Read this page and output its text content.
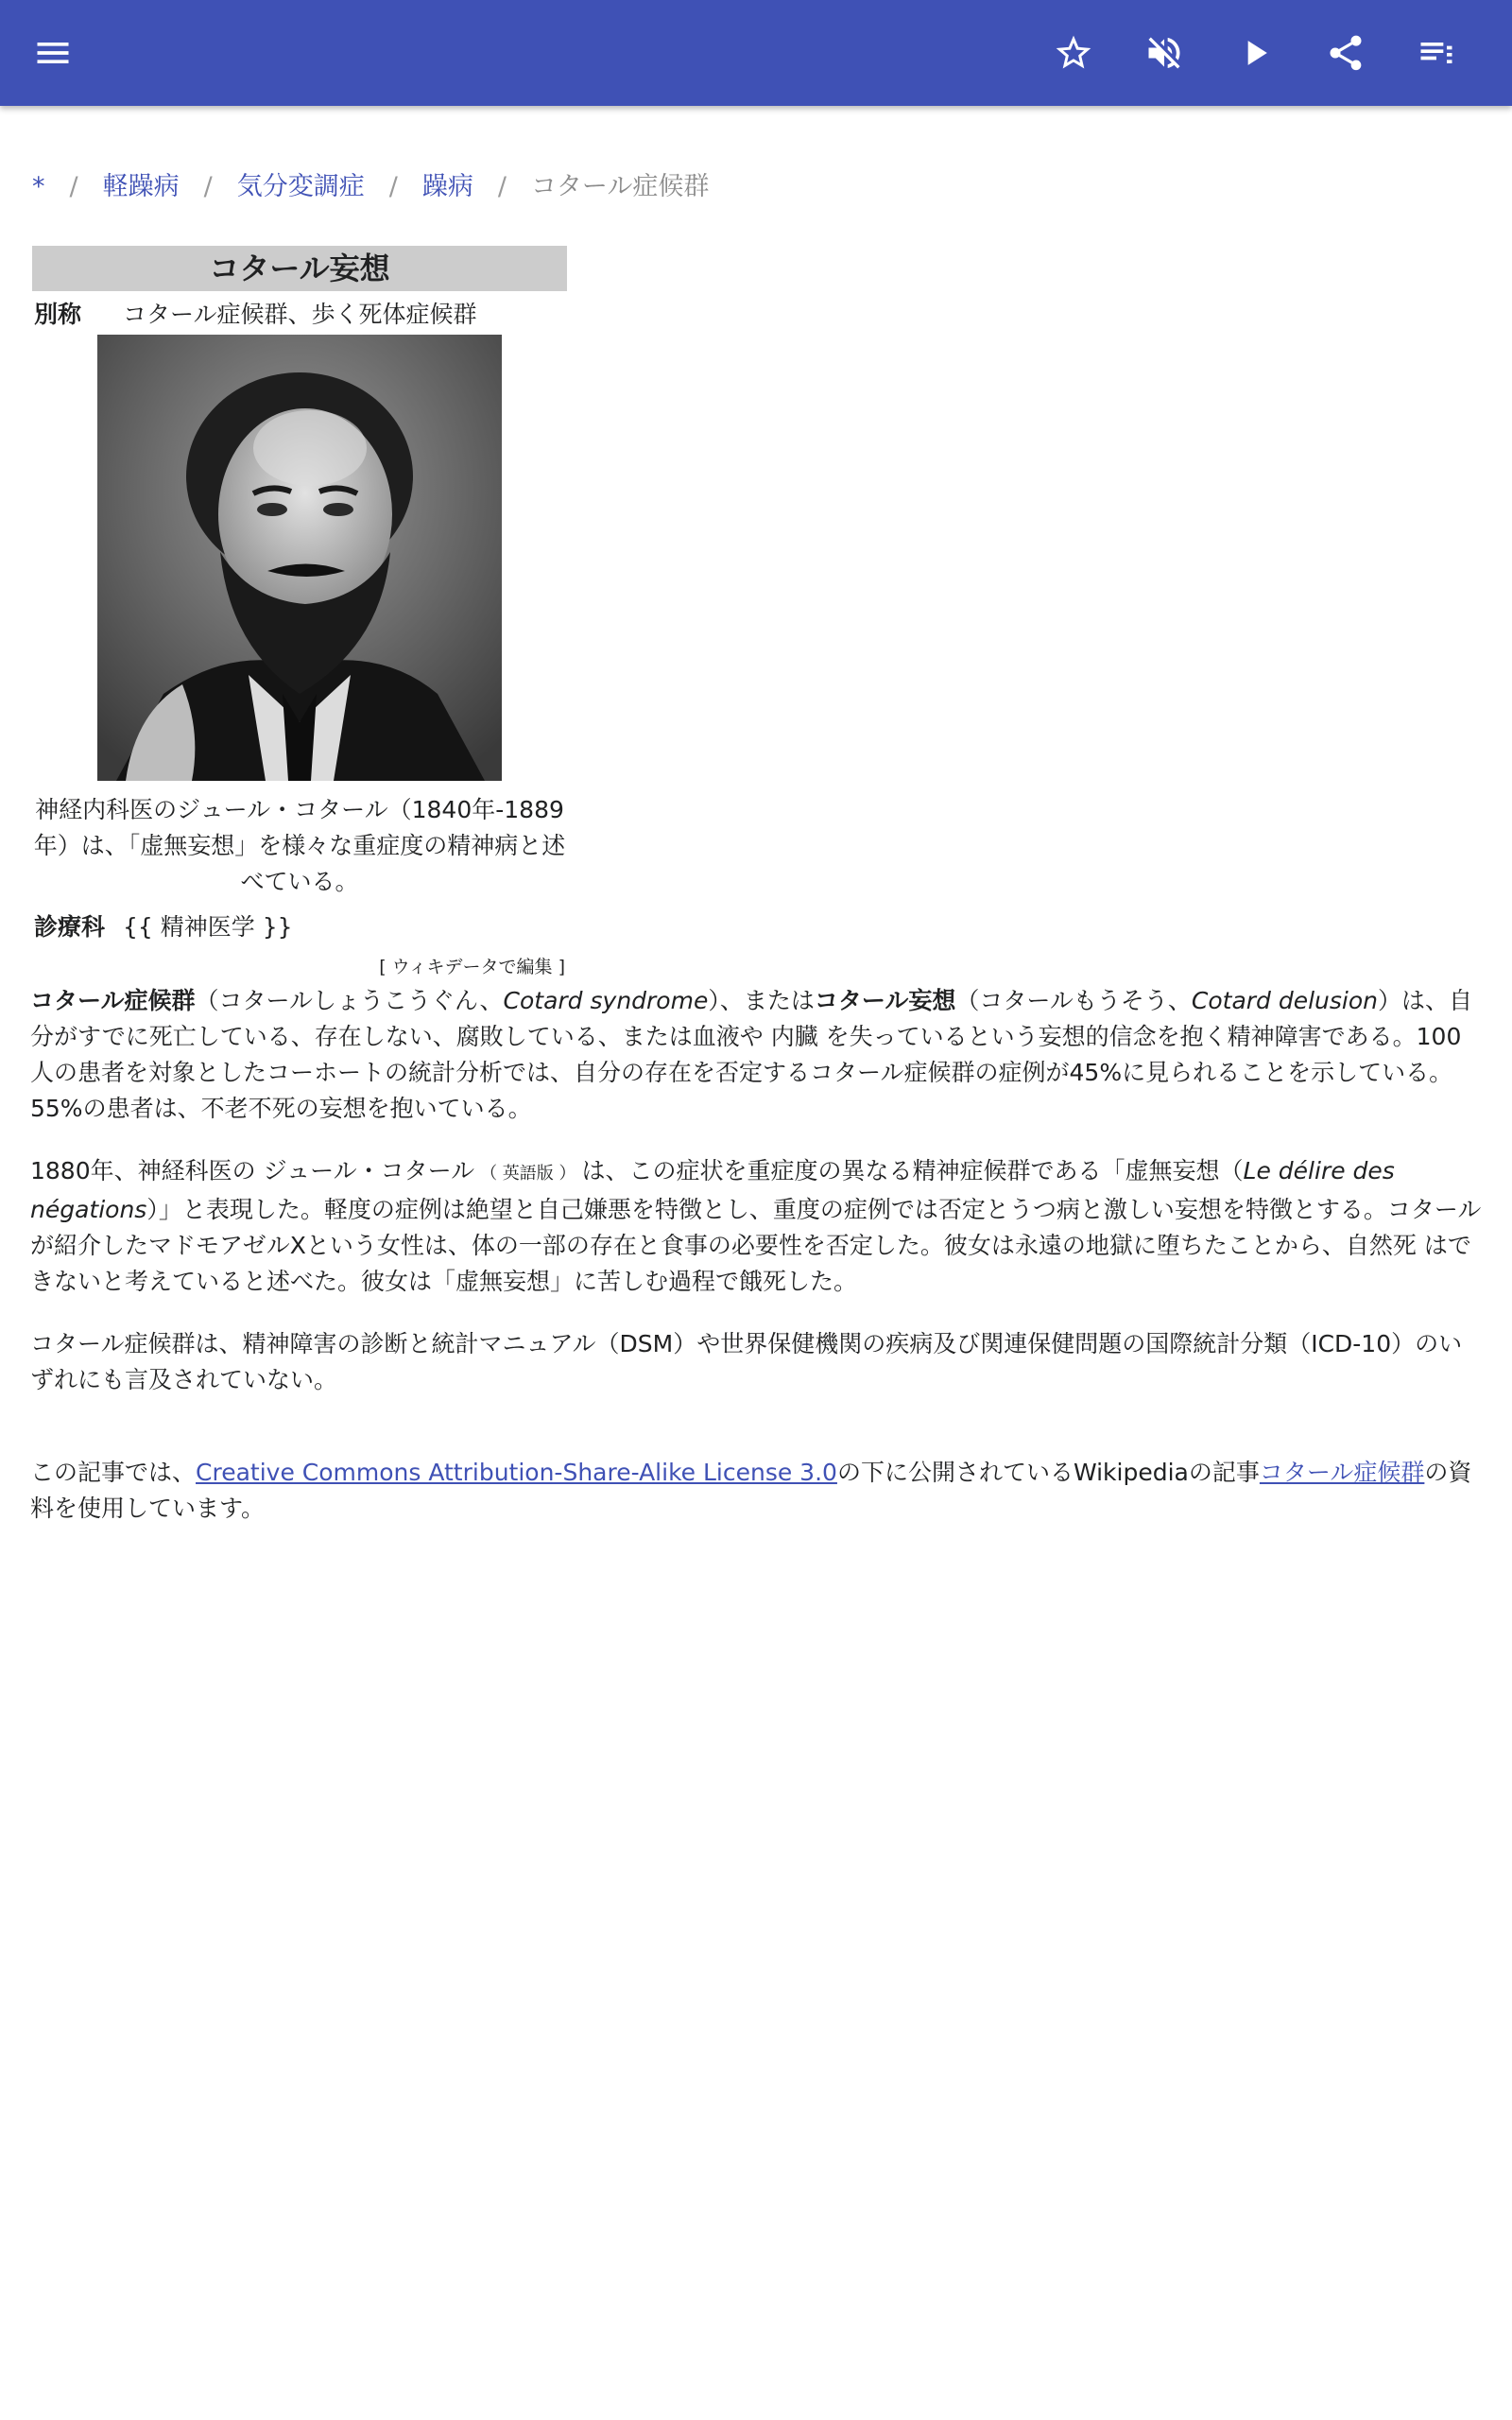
* / 軽躁病 / 気分変調症 / 躁病 / コタール症候群
コタール妄想
別称	コタール症候群、歩く死体症候群
神経内科医のジュール・コタール（1840年-1889年）は、「虚無妄想」を様々な重症度の精神病と述べている。
診療科 {{ 精神医学 }}
[ ウィキデータで編集 ]

コタール症候群（コタールしょうこうぐん、Cotard syndrome）、またはコタール妄想（コタールもうそう、Cotard delusion）は、自分がすでに死亡している、存在しない、腐敗している、または血液や 内臓 を失っているという妄想的信念を抱く精神障害である。100人の患者を対象としたコーホートの統計分析では、自分の存在を否定するコタール症候群の症例が45%に見られることを示している。55%の患者は、不老不死の妄想を抱いている。

1880年、神経科医の ジュール・コタール （ 英語版 ） は、この症状を重症度の異なる精神症候群である「虚無妄想（Le délire des négations）」と表現した。軽度の症例は絶望と自己嫌悪を特徴とし、重度の症例では否定とうつ病と激しい妄想を特徴とする。コタールが紹介したマドモアゼルXという女性は、体の一部の存在と食事の必要性を否定した。彼女は永遠の地獄に堕ちたことから、自然死 はできないと考えていると述べた。彼女は「虚無妄想」に苦しむ過程で餓死した。

コタール症候群は、精神障害の診断と統計マニュアル（DSM）や世界保健機関の疾病及び関連保健問題の国際統計分類（ICD-10）のいずれにも言及されていない。

この記事では、Creative Commons Attribution-Share-Alike License 3.0の下に公開されているWikipediaの記事コタール症候群の資料を使用しています。
